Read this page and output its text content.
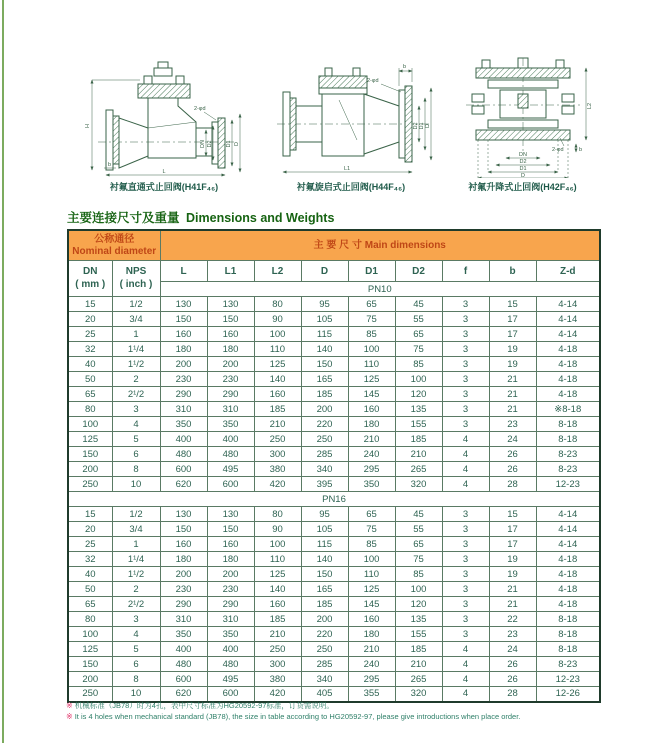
H
2-φd
DN D2 D1 D
b
L
衬氟直通式止回阀(H41F₄₆)
b
2-φd
D2 D1 D
L1
衬氟旋启式止回阀(H44F₄₆)
L2
2-φd	b
DN
D2
D1
D
衬氟升降式止回阀(H42F₄₆)
主要连接尺寸及重量 Dimensions and Weights
公称通径
Nominal diameter		主 要 尺 寸 Main dimensions								

DN
( mm )

NPS
( inch )
	L	L1	L2	D	D1	D2	f	b	Z-d
		PN10								
15	1/2	130	130	80	95	65	45	3	15	4-14
20	3/4	150	150	90	105	75	55	3	17	4-14
25	1	160	160	100	115	85	65	3	17	4-14
32	1¹/4	180	180	110	140	100	75	3	19	4-18
40	1¹/2	200	200	125	150	110	85	3	19	4-18
50	2	230	230	140	165	125	100	3	21	4-18
65	2¹/2	290	290	160	185	145	120	3	21	4-18
80	3	310	310	185	200	160	135	3	21	※8-18
100	4	350	350	210	220	180	155	3	23	8-18
125	5	400	400	250	250	210	185	4	24	8-18
150	6	480	480	300	285	240	210	4	26	8-23
200	8	600	495	380	340	295	265	4	26	8-23
250	10	620	600	420	395	350	320	4	28	12-23
PN16										
15	1/2	130	130	80	95	65	45	3	15	4-14
20	3/4	150	150	90	105	75	55	3	17	4-14
25	1	160	160	100	115	85	65	3	17	4-14
32	1¹/4	180	180	110	140	100	75	3	19	4-18
40	1¹/2	200	200	125	150	110	85	3	19	4-18
50	2	230	230	140	165	125	100	3	21	4-18
65	2¹/2	290	290	160	185	145	120	3	21	4-18
80	3	310	310	185	200	160	135	3	22	8-18
100	4	350	350	210	220	180	155	3	23	8-18
125	5	400	400	250	250	210	185	4	24	8-18
150	6	480	480	300	285	240	210	4	26	8-23
200	8	600	495	380	340	295	265	4	26	12-23
250	10	620	600	420	405	355	320	4	28	12-26
※ 机械标准（JB78）时为4孔，表中尺寸标准为HG20592-97标准，订货需说明。
※ It is 4 holes when mechanical standard (JB78), the size in table according to HG20592-97, please give introductions when place order.
